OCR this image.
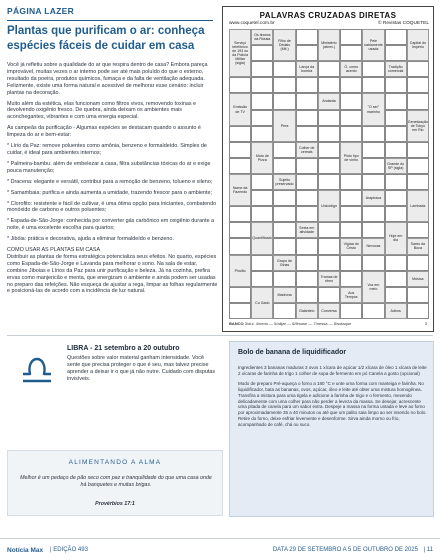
PÁGINA LAZER
Plantas que purificam o ar: conheça espécies fáceis de cuidar em casa

Você já refletiu sobre a qualidade do ar que respira dentro de casa? Embora pareça improvável, muitas vezes o ar interno pode ser até mais poluído do que o externo, resultado da poeira, produtos químicos, fumaça e da falta de ventilação adequada. Felizmente, existe uma forma natural e acessível de melhorar esse cenário: incluir plantas na decoração.

Muito além da estética, elas funcionam como filtros vivos, removendo toxinas e devolvendo oxigênio fresco. De quebra, ainda deixam os ambientes mais aconchegantes, vibrantes e com uma energia especial.

As campeãs da purificação - Algumas espécies se destacam quando o assunto é limpeza do ar e bem-estar:

* Lírio da Paz: remove poluentes como amônia, benzeno e formaldeído. Simples de cuidar, é ideal para ambientes internos;

* Palmeira-bambu: além de embelezar a casa, filtra substâncias tóxicas do ar e exige pouca manutenção;

* Dracena: elegante e versátil, contribui para a remoção de benzeno, tolueno e xileno;

* Samambaia: purifica e ainda aumenta a umidade, trazendo frescor para o ambiente;

* Clorofito: resistente e fácil de cultivar, é uma ótima opção para iniciantes, combatendo monóxido de carbono e outros poluentes;

* Espada-de-São-Jorge: conhecida por converter gás carbônico em oxigênio durante a noite, é uma excelente escolha para quartos;

* Jibóia: prática e decorativa, ajuda a eliminar formaldeído e benzeno.

COMO USAR AS PLANTAS EM CASA

Distribuir as plantas de forma estratégica potencializa seus efeitos. No quarto, espécies como Espada-de-São-Jorge e Lavanda para melhorar o sono. Na sala de estar, combine Jiboias e Lírios da Paz para unir purificação e beleza. Já na cozinha, prefira ervas como manjericão e menta, que energizam o ambiente e ainda podem ser usadas no preparo das refeições. Não esqueça de ajustar a rega, limpar as folhas regularmente e posicioná-las de acordo com a incidência de luz natural.

PALAVRAS CRUZADAS DIRETAS
www.coquetel.com.br	© Revistas COQUETEL
Serviço telefônico de 193 ou da Polícia Militar (sigla)
Filho de Dédalo (Mit.)
Ministério (abrev.)
Pele sabiamente usada
Capital do Império
Os tiranos da Rússia
Lança da bomba
Ó, como acento
Tradição comercial
Emissão de TV
Pera
Andanta
"O ser" marinho
Genetização de Tokyo em Rio
Moto de Pizza
Colher de cereais
Pinto tipo de vinho
Grande do SP (sigla)
Nome da Fazendo
Sujeito preservado
Unicódigo
Arapiraca
Lambada
Quantificado
Sexta em atividade
Vigíaa do Cristo
Hoje em dia
Pirulito
Grupo de Ginas
Tramas de ritmo
Voz em meio
Música
Cu Gado
Galanteio
Aos Tempos
Adeus
Madrona
Conversa
Nevocas
Santo da Boca
BANCO 3/dui. 4/nedo — 5/alijar — 6/fimose — 7/nessa — 8/sotaque	3
LIBRA - 21 setembro a 20 outubro
Questões sobre valor material ganham intensidade. Você sente que precisa proteger o que é seu, mas talvez precise aprender a deixar ir o que já não nutre. Cuidado com disputas invisíveis.
ALIMENTANDO A ALMA
Melhor é um pedaço de pão seco com paz e tranquilidade do que uma casa onde há banquetes e muitas brigas.
Provérbios 17:1
Bolo de banana de liquidificador

Ingredientes 3 bananas maduras 3 ovos 1 xícara de açúcar 1/2 xícara de óleo 1 xícara de leite 2 xícaras de farinha de trigo 1 colher de sopa de fermento em pó Canela a gosto (opcional)

Modo de preparo Pré-aqueça o forno a 180 °C e unte uma forma com manteiga e farinha. No liquidificador, bata as bananas, ovos, açúcar, óleo e leite até obter uma mistura homogênea. Transfira a mistura para uma tigela e adicione a farinha de trigo e o fermento, mexendo delicadamente com uma colher para não perder a leveza da massa. Se desejar, acrescente uma pitada de canela para um sabor extra. Despeje a massa na forma untada e leve ao forno por aproximadamente 35 a 40 minutos ou até que um palito saia limpo ao ser inserido no bolo. Retire do forno, deixe esfriar levemente e desenforme. Sirva ainda morno ou frio, acompanhado de café, chá ou suco.

Notícia Max | EDIÇÃO 493	DATA 29 DE SETEMBRO A 5 DE OUTUBRO DE 2025 | 11
